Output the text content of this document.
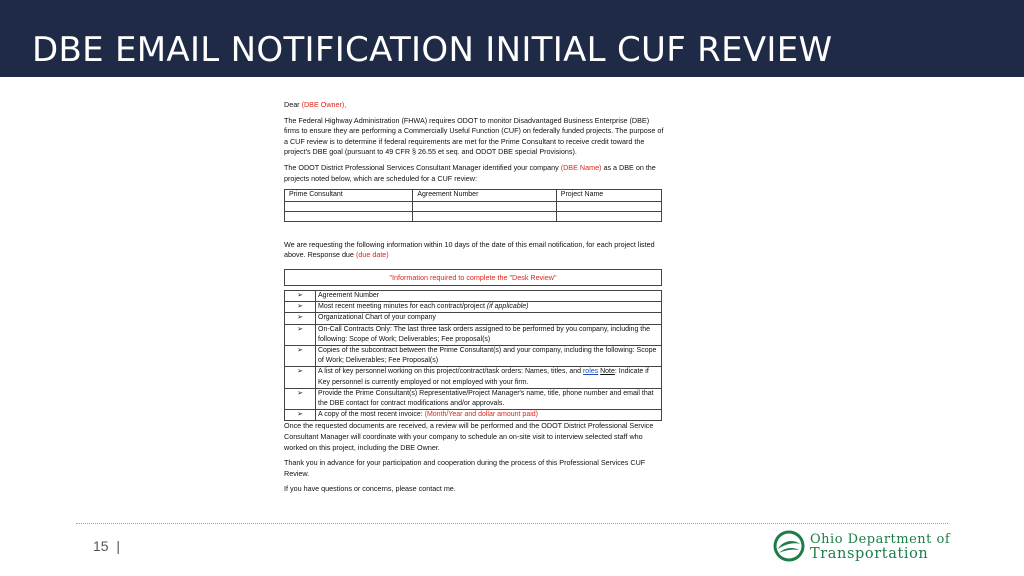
DBE EMAIL NOTIFICATION INITIAL CUF REVIEW

Dear (DBE Owner),

The Federal Highway Administration (FHWA) requires ODOT to monitor Disadvantaged Business Enterprise (DBE) firms to ensure they are performing a Commercially Useful Function (CUF) on federally funded projects. The purpose of a CUF review is to determine if federal requirements are met for the Prime Consultant to receive credit toward the project's DBE goal (pursuant to 49 CFR § 26.55 et seq. and ODOT DBE special Provisions).

The ODOT District Professional Services Consultant Manager identified your company (DBE Name) as a DBE on the projects noted below, which are scheduled for a CUF review:

Prime Consultant	Agreement Number	Project Name

We are requesting the following information within 10 days of the date of this email notification, for each project listed above. Response due (due date)

"Information required to complete the "Desk Review"
➢	Agreement Number
➢	Most recent meeting minutes for each contract/project (if applicable)
➢	Organizational Chart of your company
➢	On-Call Contracts Only: The last three task orders assigned to be performed by you company, including the following: Scope of Work; Deliverables; Fee proposal(s)
➢	Copies of the subcontract between the Prime Consultant(s) and your company, including the following: Scope of Work; Deliverables; Fee Proposal(s)
➢	A list of key personnel working on this project/contract/task orders: Names, titles, and roles Note: Indicate if Key personnel is currently employed or not employed with your firm.
➢	Provide the Prime Consultant(s) Representative/Project Manager's name, title, phone number and email that the DBE contact for contract modifications and/or approvals.
➢	A copy of the most recent invoice: (Month/Year and dollar amount paid)

Once the requested documents are received, a review will be performed and the ODOT District Professional Service Consultant Manager will coordinate with your company to schedule an on-site visit to interview selected staff who worked on this project, including the DBE Owner.

Thank you in advance for your participation and cooperation during the process of this Professional Services CUF Review.

If you have questions or concerns, please contact me.

15 |	Ohio Department of
Transportation
